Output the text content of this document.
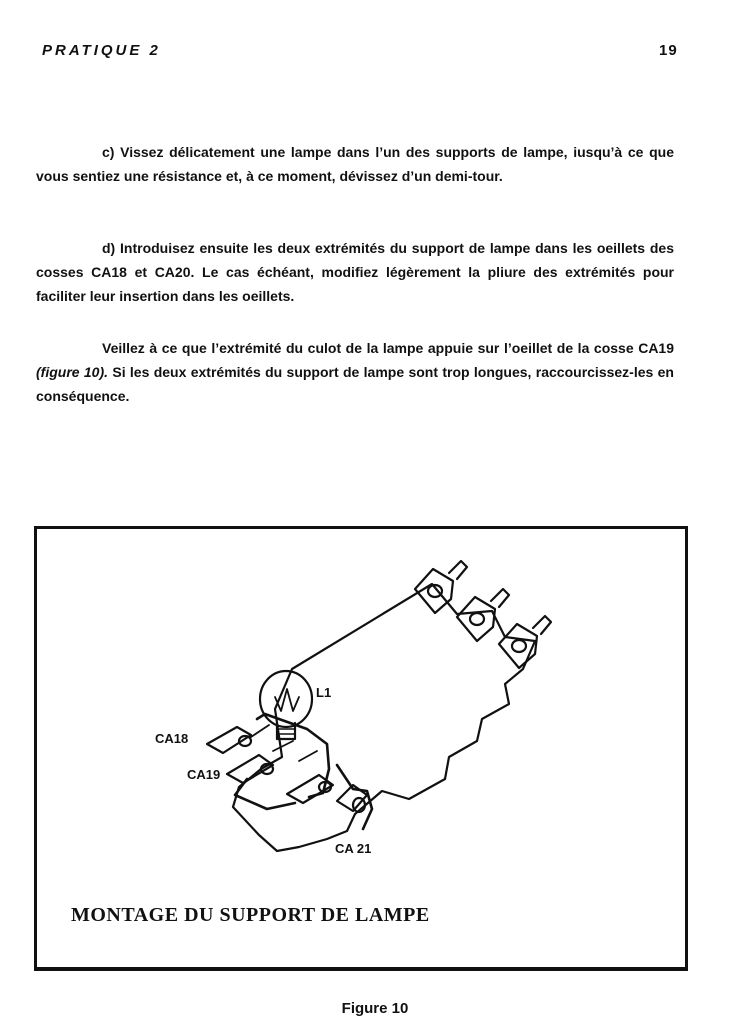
PRATIQUE 2	19

c) Vissez délicatement une lampe dans l’un des supports de lampe, iusqu’à ce que vous sentiez une résistance et, à ce moment, dévissez d’un demi-tour.

d) Introduisez ensuite les deux extrémités du support de lampe dans les oeillets des cosses CA18 et CA20. Le cas échéant, modifiez légèrement la pliure des extrémités pour faciliter leur insertion dans les oeillets.

Veillez à ce que l’extrémité du culot de la lampe appuie sur l’oeillet de la cosse CA19 (figure 10). Si les deux extrémités du support de lampe sont trop longues, raccourcissez-les en conséquence.

L1
CA18
CA19
CA 21
MONTAGE DU SUPPORT DE LAMPE
Figure 10
